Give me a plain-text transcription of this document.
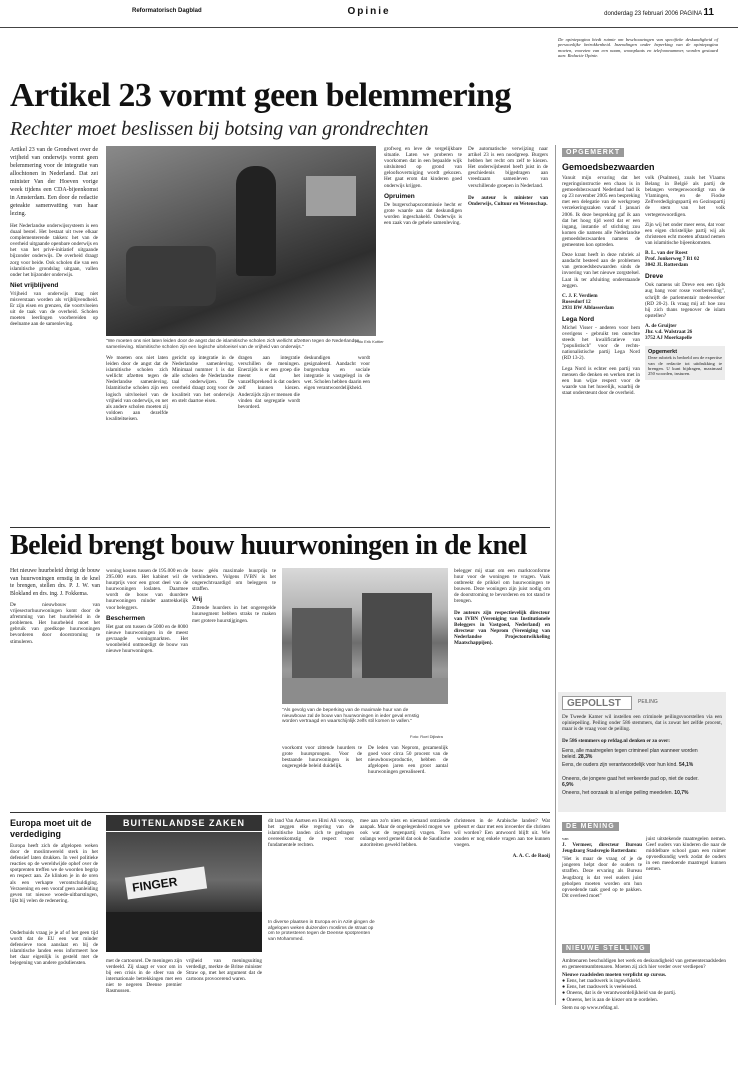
Reformatorisch Dagblad	Opinie	donderdag 23 februari 2006 PAGINA 11
De opiniepagina biedt ruimte om beschouwingen van specifieke deskundigheid of persoonlijke betrokkenheid. Inzendingen onder beperking van de opiniepagina moeten, voorzien van een naam, woonplaats en telefoonnummer, worden gestuurd aan: Redactie Opinie.
Artikel 23 vormt geen belemmering
Rechter moet beslissen bij botsing van grondrechten
Artikel 23 van de Grondwet over de vrijheid van onderwijs vormt geen belemmering voor de integratie van allochtonen in Nederland. Dat zei minister Van der Hoeven vorige week tijdens een CDA-bijeenkomst in Amsterdam. Een door de redactie geteakte samenvatting van haar lezing.
Het Nederlandse onderwijssysteem is een duaal bestel. Het bestaat uit twee elkaar complementerende takken: het van de overheid uitgaande openbare onderwijs en het van het privé-initiatief uitgaande bijzonder onderwijs. De overheid draagt zorg voor beide. Ook scholen die van een islamitische grondslag uitgaan, vallen onder het bijzonder onderwijs.
Niet vrijblijvend
Vrijheid van onderwijs mag niet misverstaan worden als vrijblijvendheid. Er zijn eisen en grenzen, die voortvloeien uit de taak van de overheid. Scholen moeten leerlingen voorbereiden op deelname aan de samenleving.
"We moeten ons niet laten leiden door de angst dat de islamitische scholen zich wellicht afzetten tegen de Nederlandse samenleving. Islamitische scholen zijn een logische uitvloeisel van de vrijheid van onderwijs."
Foto Erik Kottier
We moeten ons niet laten leiden door de angst dat de islamitische scholen zich wellicht afzetten tegen de Nederlandse samenleving. Islamitische scholen zijn een logisch uitvloeisel van de vrijheid van onderwijs, en net als andere scholen moeten zij voldoen aan dezelfde kwaliteitseisen.
gericht op integratie in de Nederlandse samenleving. Minimaal nummer 1 is dat alle scholen de Nederlandse taal onderwijzen. De overheid draagt zorg voor de kwaliteit van het onderwijs en stelt daartoe eisen.
dragen aan integratie verschillen de meningen. Enerzijds is er een groep die meent dat het vanzelfsprekend is dat ouders zelf kunnen kiezen. Anderzijds zijn er mensen die vinden dat segregatie wordt bevorderd.
deskundigen wordt gesignaleerd. Aandacht voor burgerschap en sociale integratie is vastgelegd in de wet. Scholen hebben daarin een eigen verantwoordelijkheid.
grofweg en leve de vergelijkbare situatie. Laten we proberen te voorkomen dat in een bepaalde wijk uitsluitend op grond van geloofsovertuiging wordt gekozen. Het gaat erom dat kinderen goed onderwijs krijgen.
Opruimen
De burgerschapscommissie hecht er grote waarde aan dat deskundigen worden ingeschakeld. Onderwijs is een zaak van de gehele samenleving.
De automatische verwijzing naar artikel 23 is een noodgreep. Burgers hebben het recht om zelf te kiezen. Het onderwijsbestel heeft juist in de geschiedenis bijgedragen aan vreedzaam samenleven van verschillende groepen in Nederland.
De auteur is minister van Onderwijs, Cultuur en Wetenschap.
Beleid brengt bouw huurwoningen in de knel
Het nieuwe huurbeleid dreigt de bouw van huurwoningen ernstig in de knel te brengen, stellen drs. P. J. W. van Blokland en drs. ing. J. Fokkema.
De nieuwbouw van vrijesectorhuurwoningen komt door de afremming van het huurbeleid in de problemen. Het huurbeleid moet het gebruik van goedkope huurwoningen bevorderen door doorstroming te stimuleren.
woning kosten tussen de 195.000 en de 295.000 euro. Het kabinet wil de huurprijs voor een groot deel van de huurwoningen loslaten. Daarmee wordt de bouw van duurdere huurwoningen minder aantrekkelijk voor beleggers.
Beschermen
Het gaat om tussen de 5000 en de 8000 nieuwe huurwoningen in de meest gevraagde woningmarkten. Het woonbeleid ontmoedigt de bouw van nieuwe huurwoningen.
bouw géén maximale huurprijs te verhinderen. Volgens IVBN is het ongerechtvaardigd om beleggers te straffen.
Vrij
Zittende huurders in het ongeregelde huursegment hebben straks te maken met grotere huurstijgingen.
"Als gevolg van de beperking van de maximale huur van de nieuwbouw zal de bouw van huurwoningen in ieder geval ernstig worden vertraagd en waarschijnlijk zelfs stil komen te vallen."
Foto: Roel Dijkstra
voorkomt voor zittende huurders te grote huursprongen. Voor de bestaande huurwoningen is het ongeregelde beleid duidelijk.
De leden van Neprom, gezamenlijk goed voor circa 50 procent van de nieuwbouwproductie, hebben de afgelopen jaren een groot aantal huurwoningen gerealiseerd.
belegger mij staat om een marktconforme huur voor de woningen te vragen. Vaak ontbreekt de prikkel om huurwoningen te bouwen. Deze woningen zijn juist nodig om de doorstroming te bevorderen en tot stand te brengen.
De auteurs zijn respectievelijk directeur van IVBN (Vereniging van Institutionele Beleggers in Vastgoed, Nederland) en directeur van Neprom (Vereniging van Nederlandse Projectontwikkeling Maatschappijen).
Europa moet uit de verdediging
Europa heeft zich de afgelopen weken door de moslimwereld sterk in het defensief laten drukken. In veel politieke reacties op de wereldwijde ophef over de spotprenten treffen we de woorden begrip en respect aan. Ze klinken je in de oren als een verkapte verontschuldiging. Verzoening en een vooraf geen aanleiding geven tot nieuwe woede-uitbarstingen, lijkt bij velen de redenering.
Onderhuids vraag je je af of het geen tijd wordt dat de EU een wat minder defensieve toon aanslaat en bij de islamitische landen eens informeert hoe het daar eigenlijk is gesteld met de bejegening van andere godsdiensten.
BUITENLANDSE ZAKEN
FINGER
In diverse plaatsen in Europa en in Azië gingen de afgelopen weken duizenden moslims de straat op om te protesteren tegen de Deense spotprenten van Mohammed.
met de cartoonrel. De meningen zijn verdeeld. Zij slaagt er voor om in bij een crisis in de sfeer van de internationale betrekkingen met een niet te negeren Deense premier Rasmussen.
vrijheid van meningsuiting verdedigt, merkte de Britse minister Straw op, met het argument dat de cartoons provocerend waren.
dit land Van Aartsen en Hirsi Ali voorop, het zeggen elke regering van de islamitische landen zich te gedragen overeenkomstig de respect voor fundamentele rechten.
mee aan zo'n niets en niemand ontziende aanpak. Maar de ongelegenheid mogen we ook wat de tegenpartij vragen. Toen onlangs werd gemeld dat ook de Saudische autoriteiten geweld hebben.
christenen in de Arabische landen? Wat gebeurt er daar met een invoerder die christen wil worden? Een antwoord blijft uit. Wie zouden er nog enkele vragen aan toe kunnen voegen.
A. A. C. de Rooij
OPGEMERKT
Gemoedsbezwaarden
Vanuit mijn ervaring dat het regeringsinstructie een chaos is in gemoedsbezwaard Nederland had ik op 23 november 2005 een bespreking met een delegatie van de werkgroep verzekeringszaken vanaf 1 januari 2006. Ik deze bespreking gaf ik aan dat het hoog tijd werd dat er een ingang, instantie of stichting zou komen die namens alle Nederlandse gemoedsbezwaarden namens de gemeenten kon optreden.
Deze krant heeft in deze rubriek al aandacht besteed aan de problemen van gemoedsbezwaarden sinds de invoering van het nieuwe zorgstelsel. Laat ik ter afsluiting onderstaande zeggen.
C. J. F. Verdiem
Rosesdorf 12
2931 BW Alblasserdam
Lega Nord
Michel Visser - anderen voor hem overigens - gebruikt ten onrechte steeds het kwalificatieve van "populistisch" voor de rechts-nationalistische partij Lega Nord (RD 13-2).
Lega Nord is echter een partij van mensen die denken en werken met in een hun wijze respect voor de waarde van het huwelijk, waarbij de staat ondersteunt door de overheid.
volk (Psalmen), zoals het Vlaams Belang in België als partij de belangen vertegenwoordigt van de Vlamingen, en de Fiodse Zelfverdedigingspartij en Gezinspartij de stem van het volk vertegenwoordigen.
Zijn wij het onder meer eens, dat voor een eigen christelijke partij wij als christenen echt moeten afstand nemen van islamitische bijeenkomsten.
B. L. van der Roest
Prof. Jonkerweg 7 B1 02
3042 JL Rotterdam
Dreve
Ook namens uit Dreve een een tijds aug bang voor rosse voorbereiding", schrijft de parlementair medewerker (RD 20-2). Ik vraag mij af: hoe zou hij zich thans tegenover de islam opstellen?
A. de Gruijter
Jhr. v.d. Walstraat 26
3752 AJ Moerkapelle
Opgemerkt
Deze rubriek is bedoeld om de expertise van de redactie tot uitdrukking te brengen. U kunt bijdragen, maximaal 250 woorden, insturen.
GEPOLLST	PEILING
De Tweede Kamer wil instellen een criminele peilingsvoorstellen via een opiniepeiling. Peiling onder 586 stemmers, dat is zowat het zelfde procent, maar is de vraag voor de peiling.
De 586 stemmers op refdag.nl denken er zo over:
Eens, alle maatregelen tegen crimineel plan wanneer worden beleid. 28,3%
Eens, de ouders zijn verantwoordelijk voor hun kind. 54,1%
Oneens, de jongere gaat het verkeerde pad op, niet de ouder. 6,9%
Oneens, het oorzaak is al enige peiling meedelen. 10,7%
DE MENING
van
J. Vermeer, directeur Bureau Jeugdzorg Stadsregio Rotterdam:
"Het is maar de vraag of je de jongeren helpt door de ouders te straffen. Deze ervaring als Bureau Jeugdzorg is dat veel ouders juist geholpen moeten worden om hun opvoedende taak goed op te pakken. Dit overleed moet"
juist uitstekende maatregelen nemen. Geef ouders van kinderen die naar de middelbare school gaan een ruimer opvoedkundig werk zodat de ouders in een meedoende maatregel kunnen nemen.
NIEUWE STELLING
Ambtenaren beschuldigen het werk en deskundigheid van gemeenteraadsleden en gemeenteambtenaren. Moeten zij zich hier verder over verdiepen?
Nieuwe raadsleden moeten verplicht op cursus.
● Eens, het raadswerk is ingewikkeld.
● Eens, het raadswerk is veeleisend.
● Oneens, dat is de verantwoordelijkheid van de partij.
● Oneens, het is aan de kiezer om te oordelen.
Stem nu op www.refdag.nl.
